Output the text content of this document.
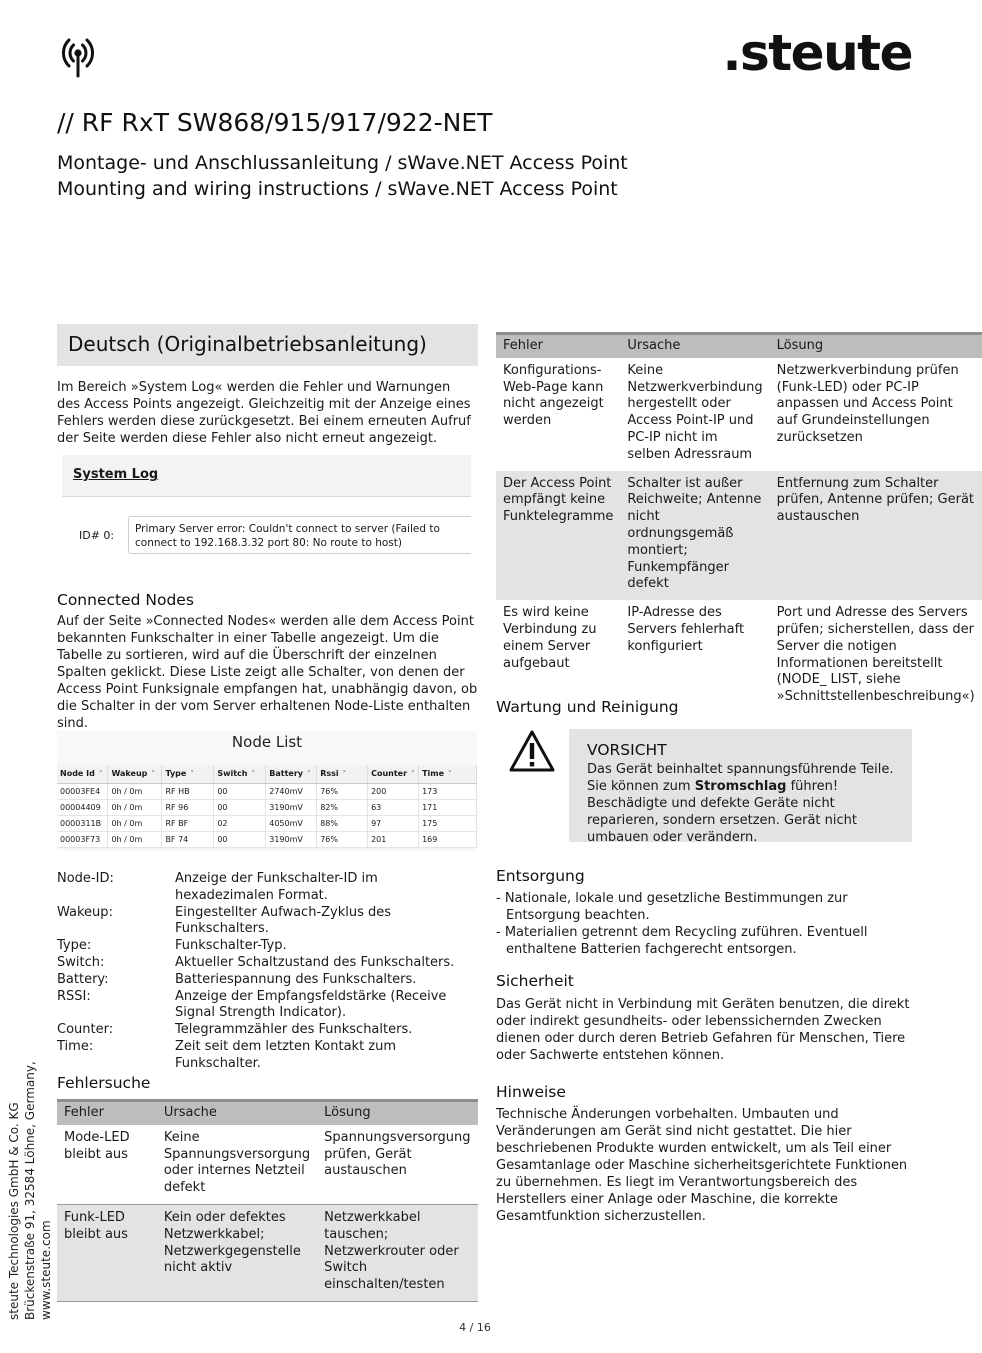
.steute
// RF RxT SW868/915/917/922-NET
Montage- und Anschlussanleitung / sWave.NET Access Point
Mounting and wiring instructions / sWave.NET Access Point
steute Technologies GmbH & Co. KG Brückenstraße 91, 32584 Löhne, Germany, www.steute.com
Deutsch (Originalbetriebsanleitung)

Im Bereich »System Log« werden die Fehler und Warnungen des Access Points angezeigt. Gleichzeitig mit der Anzeige eines Fehlers werden diese zurückgesetzt. Bei einem erneuten Aufruf der Seite werden diese Fehler also nicht erneut angezeigt.

System Log
ID# 0:	Primary Server error: Couldn't connect to server (Failed to connect to 192.168.3.32 port 80: No route to host)
Connected Nodes

Auf der Seite »Connected Nodes« werden alle dem Access Point bekannten Funkschalter in einer Tabelle angezeigt. Um die Tabelle zu sortieren, wird auf die Überschrift der einzelnen Spalten geklickt. Diese Liste zeigt alle Schalter, von denen der Access Point Funksignale empfangen hat, unabhängig davon, ob die Schalter in der vom Server erhaltenen Node-Liste enthalten sind.

Node List
Node Id ˅	Wakeup ˅	Type ˅	Switch ˅	Battery ˅	Rssi ˅	Counter ˅	Time ˅
00003FE4	0h / 0m	RF HB	00	2740mV	76%	200	173
00004409	0h / 0m	RF 96	00	3190mV	82%	63	171
0000311B	0h / 0m	RF BF	02	4050mV	88%	97	175
00003F73	0h / 0m	BF 74	00	3190mV	76%	201	169
Node-ID:	Anzeige der Funkschalter-ID im hexadezimalen Format.
Wakeup:	Eingestellter Aufwach-Zyklus des Funkschalters.
Type:	Funkschalter-Typ.
Switch:	Aktueller Schaltzustand des Funkschalters.
Battery:	Batteriespannung des Funkschalters.
RSSI:	Anzeige der Empfangsfeldstärke (Receive Signal Strength Indicator).
Counter:	Telegrammzähler des Funkschalters.
Time:	Zeit seit dem letzten Kontakt zum Funkschalter.
Fehlersuche
Fehler	Ursache	Lösung
Mode-LED bleibt aus	Keine Spannungsversorgung oder internes Netzteil defekt	Spannungsversorgung prüfen, Gerät austauschen
Funk-LED bleibt aus	Kein oder defektes Netzwerkkabel; Netzwerkgegenstelle nicht aktiv	Netzwerkkabel tauschen; Netzwerkrouter oder Switch einschalten/testen
Fehler	Ursache	Lösung
Konfigurations-Web-Page kann nicht angezeigt werden	Keine Netzwerkverbindung hergestellt oder Access Point-IP und PC-IP nicht im selben Adressraum	Netzwerkverbindung prüfen (Funk-LED) oder PC-IP anpassen und Access Point auf Grundeinstellungen zurücksetzen
Der Access Point empfängt keine Funktelegramme	Schalter ist außer Reichweite; Antenne nicht ordnungsgemäß montiert; Funkempfänger defekt	Entfernung zum Schalter prüfen, Antenne prüfen; Gerät austauschen
Es wird keine Verbindung zu einem Server aufgebaut	IP-Adresse des Servers fehlerhaft konfiguriert	Port und Adresse des Servers prüfen; sicherstellen, dass der Server die notigen Informationen bereitstellt (NODE_ LIST, siehe »Schnittstellenbeschreibung«)
Wartung und Reinigung
VORSICHT
Das Gerät beinhaltet spannungsführende Teile. Sie können zum Stromschlag führen! Beschädigte und defekte Geräte nicht reparieren, sondern ersetzen. Gerät nicht umbauen oder verändern.
Entsorgung
- Nationale, lokale und gesetzliche Bestimmungen zur Entsorgung beachten.
- Materialien getrennt dem Recycling zuführen. Eventuell enthaltene Batterien fachgerecht entsorgen.
Sicherheit

Das Gerät nicht in Verbindung mit Geräten benutzen, die direkt oder indirekt gesundheits- oder lebenssichernden Zwecken dienen oder durch deren Betrieb Gefahren für Menschen, Tiere oder Sachwerte entstehen können.

Hinweise

Technische Änderungen vorbehalten. Umbauten und Veränderungen am Gerät sind nicht gestattet. Die hier beschriebenen Produkte wurden entwickelt, um als Teil einer Gesamtanlage oder Maschine sicherheitsgerichtete Funktionen zu übernehmen. Es liegt im Verantwortungsbereich des Herstellers einer Anlage oder Maschine, die korrekte Gesamtfunktion sicherzustellen.

4 / 16
